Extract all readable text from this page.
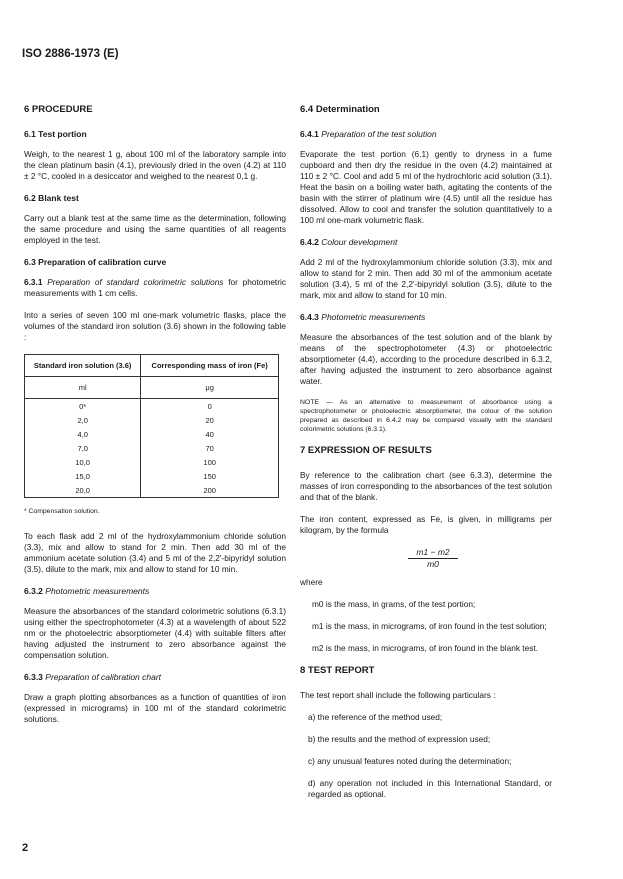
ISO 2886-1973 (E)
6 PROCEDURE
6.1 Test portion

Weigh, to the nearest 1 g, about 100 ml of the laboratory sample into the clean platinum basin (4.1), previously dried in the oven (4.2) at 110 ± 2 °C, cooled in a desiccator and weighed to the nearest 0,1 g.

6.2 Blank test

Carry out a blank test at the same time as the determination, following the same procedure and using the same quantities of all reagents employed in the test.

6.3 Preparation of calibration curve

6.3.1 Preparation of standard colorimetric solutions for photometric measurements with 1 cm cells.

Into a series of seven 100 ml one-mark volumetric flasks, place the volumes of the standard iron solution (3.6) shown in the following table :

Standard iron solution (3.6)	Corresponding mass of iron (Fe)
ml	μg
0*	0
2,0	20
4,0	40
7,0	70
10,0	100
15,0	150
20,0	200
* Compensation solution.

To each flask add 2 ml of the hydroxylammonium chloride solution (3.3), mix and allow to stand for 2 min. Then add 30 ml of the ammonium acetate solution (3.4) and 5 ml of the 2,2'-bipyridyl solution (3.5), dilute to the mark, mix and allow to stand for 10 min.

6.3.2 Photometric measurements

Measure the absorbances of the standard colorimetric solutions (6.3.1) using either the spectrophotometer (4.3) at a wavelength of about 522 nm or the photoelectric absorptiometer (4.4) with suitable filters after having adjusted the instrument to zero absorbance against the compensation solution.

6.3.3 Preparation of calibration chart

Draw a graph plotting absorbances as a function of quantities of iron (expressed in micrograms) in 100 ml of the standard colorimetric solutions.

6.4 Determination
6.4.1 Preparation of the test solution

Evaporate the test portion (6.1) gently to dryness in a fume cupboard and then dry the residue in the oven (4.2) maintained at 110 ± 2 °C. Cool and add 5 ml of the hydrochloric acid solution (3.1). Heat the basin on a boiling water bath, agitating the contents of the basin with the stirrer of platinum wire (4.5) until all the residue has dissolved. Allow to cool and transfer the solution quantitatively to a 100 ml one-mark volumetric flask.

6.4.2 Colour development

Add 2 ml of the hydroxylammonium chloride solution (3.3), mix and allow to stand for 2 min. Then add 30 ml of the ammonium acetate solution (3.4), 5 ml of the 2,2'-bipyridyl solution (3.5), dilute to the mark, mix and allow to stand for 10 min.

6.4.3 Photometric measurements

Measure the absorbances of the test solution and of the blank by means of the spectrophotometer (4.3) or photoelectric absorptiometer (4.4), according to the procedure described in 6.3.2, after having adjusted the instrument to zero absorbance against water.

NOTE — As an alternative to measurement of absorbance using a spectrophotometer or photoelectric absorptiometer, the colour of the solution prepared as described in 6.4.2 may be compared visually with the standard colorimetric solutions (6.3.1).

7 EXPRESSION OF RESULTS

By reference to the calibration chart (see 6.3.3), determine the masses of iron corresponding to the absorbances of the test solution and that of the blank.

The iron content, expressed as Fe, is given, in milligrams per kilogram, by the formula

m1 − m2
m0

where

m0 is the mass, in grams, of the test portion;

m1 is the mass, in micrograms, of iron found in the test solution;

m2 is the mass, in micrograms, of iron found in the blank test.

8 TEST REPORT

The test report shall include the following particulars :

a) the reference of the method used;

b) the results and the method of expression used;

c) any unusual features noted during the determination;

d) any operation not included in this International Standard, or regarded as optional.

2
